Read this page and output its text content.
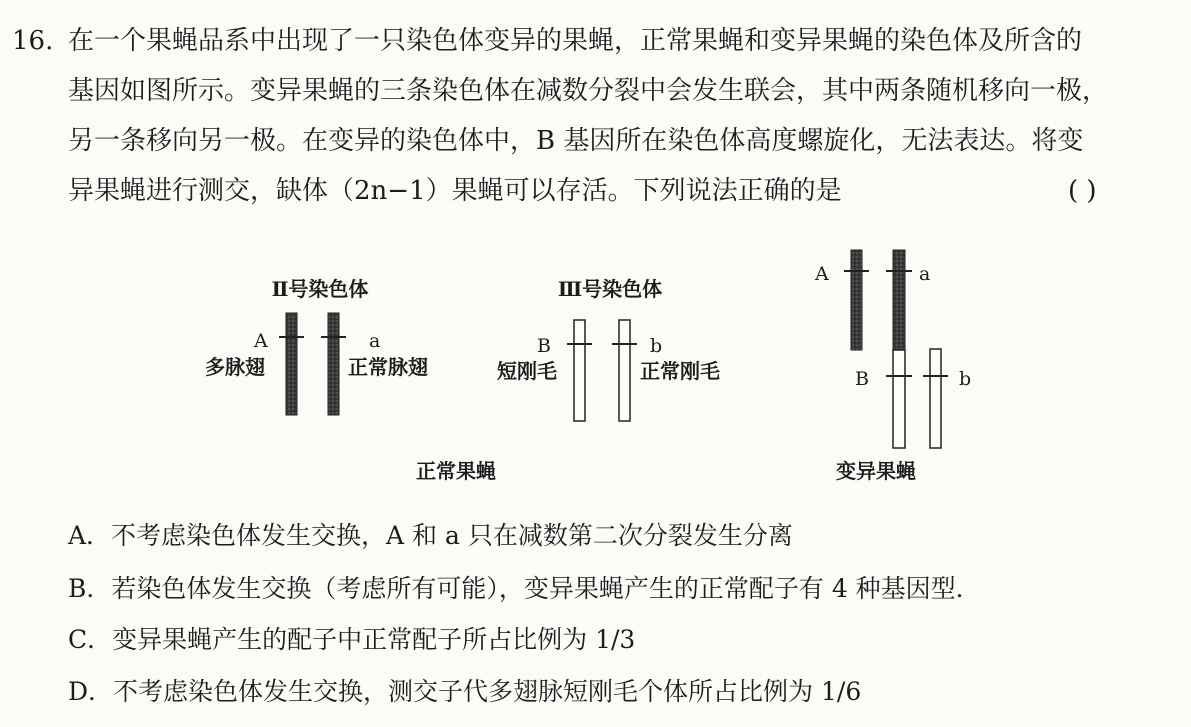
16. 在一个果蝇品系中出现了一只染色体变异的果蝇，正常果蝇和变异果蝇的染色体及所含的
基因如图所示。变异果蝇的三条染色体在减数分裂中会发生联会，其中两条随机移向一极，
另一条移向另一极。在变异的染色体中，B 基因所在染色体高度螺旋化，无法表达。将变
异果蝇进行测交，缺体（2n−1）果蝇可以存活。下列说法正确的是	( )
Ⅱ号染色体
A
多脉翅
a
正常脉翅
Ⅲ号染色体
B
短刚毛
b
正常刚毛
正常果蝇
A	a
B	b
变异果蝇
A．不考虑染色体发生交换，A 和 a 只在减数第二次分裂发生分离
B．若染色体发生交换（考虑所有可能），变异果蝇产生的正常配子有 4 种基因型．
C．变异果蝇产生的配子中正常配子所占比例为 1/3
D．不考虑染色体发生交换，测交子代多翅脉短刚毛个体所占比例为 1/6
